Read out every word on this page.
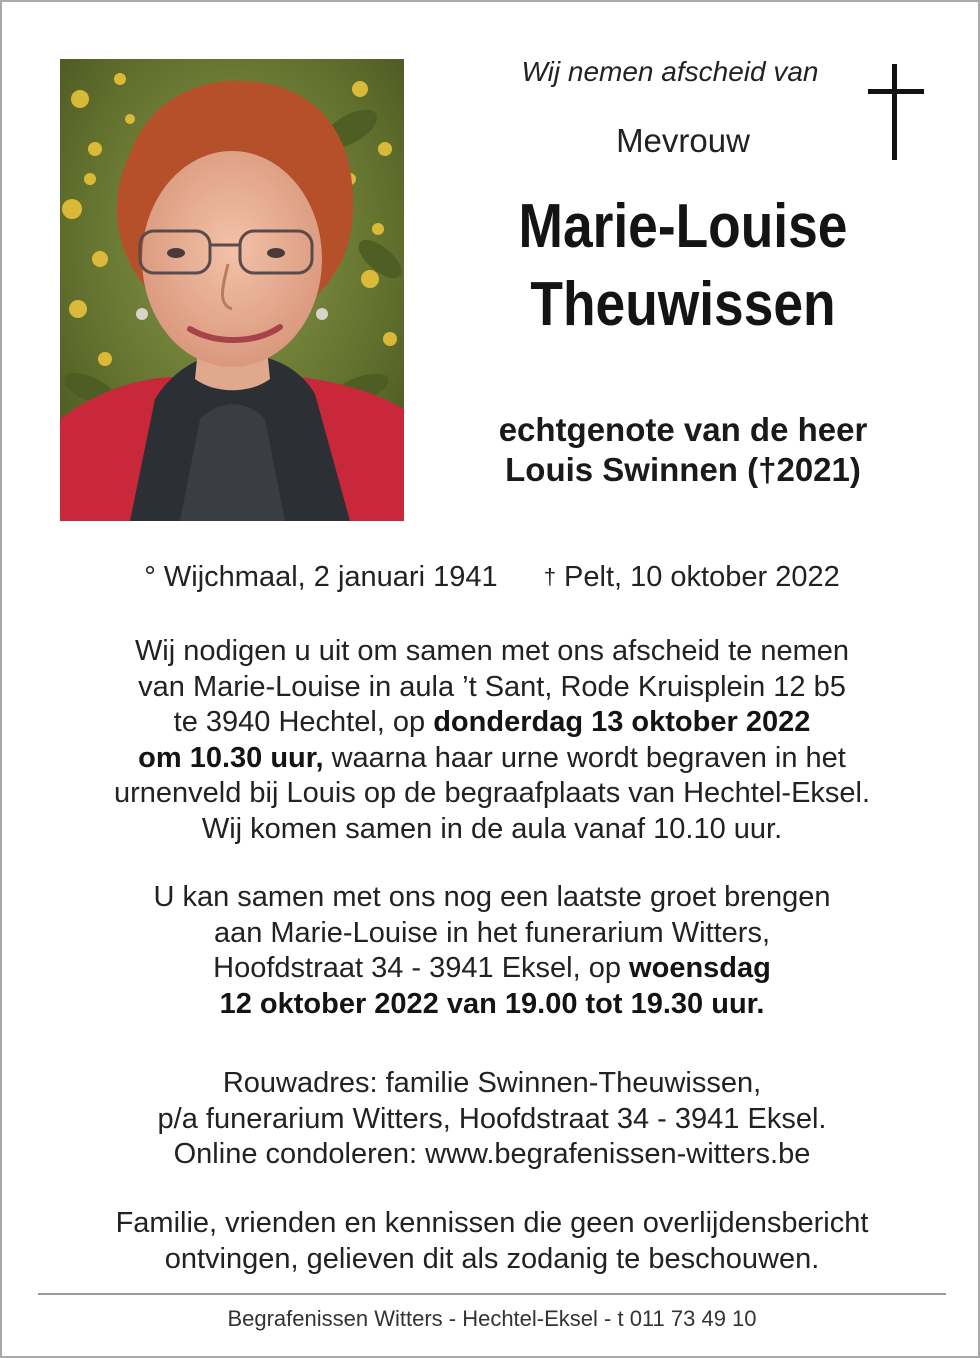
Wij nemen afscheid van
Mevrouw
Marie-Louise
Theuwissen
echtgenote van de heer
Louis Swinnen (†2021)
° Wijchmaal, 2 januari 1941 † Pelt, 10 oktober 2022
Wij nodigen u uit om samen met ons afscheid te nemen
van Marie-Louise in aula ’t Sant, Rode Kruisplein 12 b5
te 3940 Hechtel, op donderdag 13 oktober 2022
om 10.30 uur, waarna haar urne wordt begraven in het
urnenveld bij Louis op de begraafplaats van Hechtel-Eksel.
Wij komen samen in de aula vanaf 10.10 uur.
U kan samen met ons nog een laatste groet brengen
aan Marie-Louise in het funerarium Witters,
Hoofdstraat 34 - 3941 Eksel, op woensdag
12 oktober 2022 van 19.00 tot 19.30 uur.
Rouwadres: familie Swinnen-Theuwissen,
p/a funerarium Witters, Hoofdstraat 34 - 3941 Eksel.
Online condoleren: www.begrafenissen-witters.be
Familie, vrienden en kennissen die geen overlijdensbericht
ontvingen, gelieven dit als zodanig te beschouwen.
Begrafenissen Witters - Hechtel-Eksel - t 011 73 49 10
